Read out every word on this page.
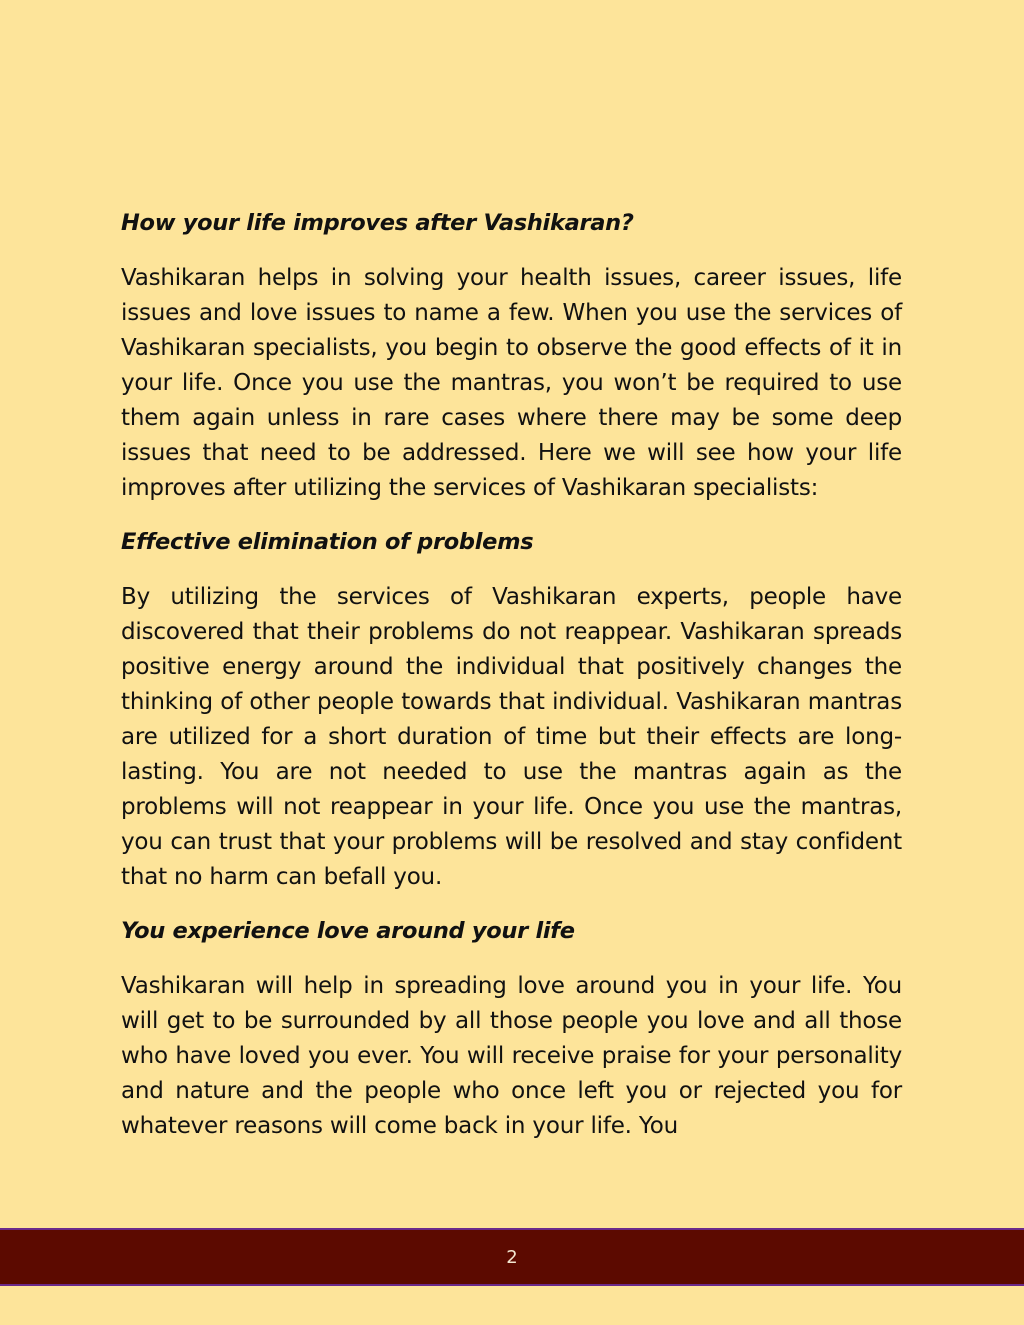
How your life improves after Vashikaran?
Vashikaran helps in solving your health issues, career issues, life issues and love issues to name a few. When you use the services of Vashikaran specialists, you begin to observe the good effects of it in your life. Once you use the mantras, you won’t be required to use them again unless in rare cases where there may be some deep issues that need to be addressed. Here we will see how your life improves after utilizing the services of Vashikaran specialists:
Effective elimination of problems
By utilizing the services of Vashikaran experts, people have discovered that their problems do not reappear. Vashikaran spreads positive energy around the individual that positively changes the thinking of other people towards that individual. Vashikaran mantras are utilized for a short duration of time but their effects are long-lasting. You are not needed to use the mantras again as the problems will not reappear in your life. Once you use the mantras, you can trust that your problems will be resolved and stay confident that no harm can befall you.
You experience love around your life
Vashikaran will help in spreading love around you in your life. You will get to be surrounded by all those people you love and all those who have loved you ever. You will receive praise for your personality and nature and the people who once left you or rejected you for whatever reasons will come back in your life. You
2
